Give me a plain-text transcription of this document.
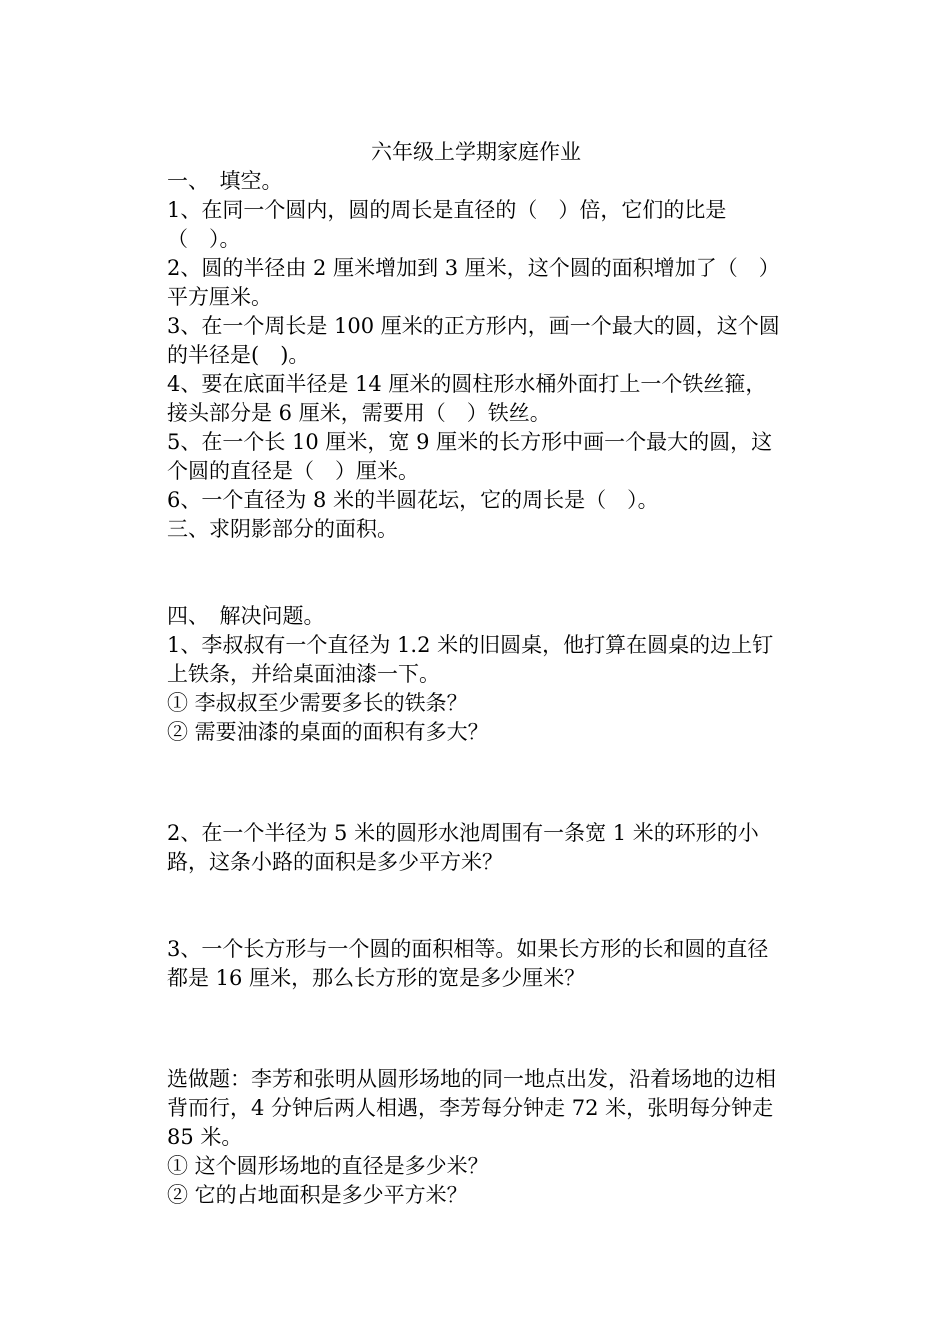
六年级上学期家庭作业

一、　填空。

1、在同一个圆内，圆的周长是直径的（　）倍，它们的比是（　）。

2、圆的半径由 2 厘米增加到 3 厘米，这个圆的面积增加了（　）平方厘米。

3、在一个周长是 100 厘米的正方形内，画一个最大的圆，这个圆的半径是(　)。

4、要在底面半径是 14 厘米的圆柱形水桶外面打上一个铁丝箍，接头部分是 6 厘米，需要用（　）铁丝。

5、在一个长 10 厘米，宽 9 厘米的长方形中画一个最大的圆，这个圆的直径是（　）厘米。

6、一个直径为 8 米的半圆花坛，它的周长是（　）。

三、求阴影部分的面积。

四、　解决问题。

1、李叔叔有一个直径为 1.2 米的旧圆桌，他打算在圆桌的边上钉上铁条，并给桌面油漆一下。

① 李叔叔至少需要多长的铁条？

② 需要油漆的桌面的面积有多大？

2、在一个半径为 5 米的圆形水池周围有一条宽 1 米的环形的小路，这条小路的面积是多少平方米？

3、一个长方形与一个圆的面积相等。如果长方形的长和圆的直径都是 16 厘米，那么长方形的宽是多少厘米？

选做题：李芳和张明从圆形场地的同一地点出发，沿着场地的边相背而行，4 分钟后两人相遇，李芳每分钟走 72 米，张明每分钟走 85 米。

① 这个圆形场地的直径是多少米？

② 它的占地面积是多少平方米？
